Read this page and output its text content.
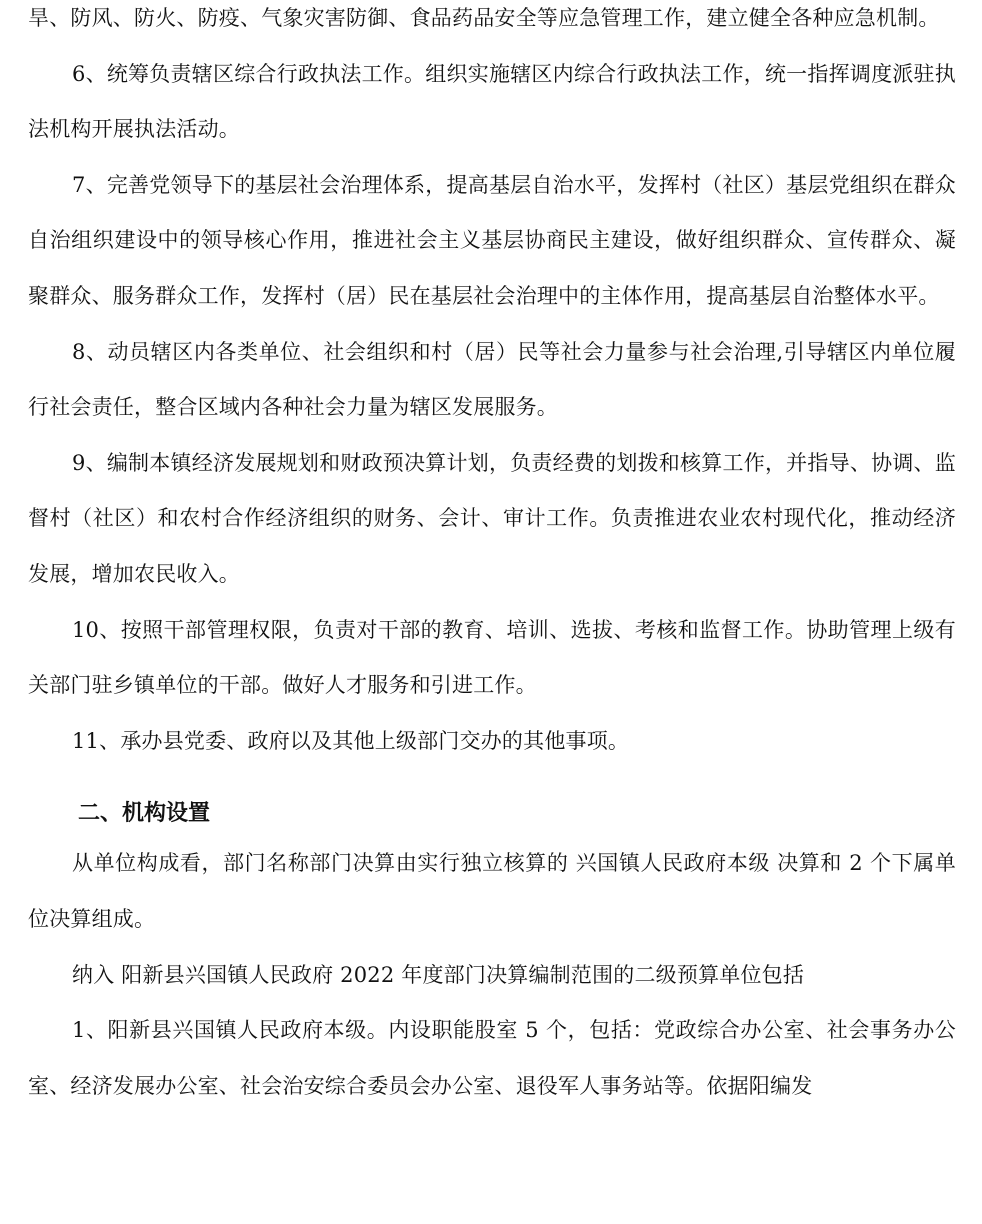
旱、防风、防火、防疫、气象灾害防御、食品药品安全等应急管理工作，建立健全各种应急机制。

6、统筹负责辖区综合行政执法工作。组织实施辖区内综合行政执法工作，统一指挥调度派驻执法机构开展执法活动。

7、完善党领导下的基层社会治理体系，提高基层自治水平，发挥村（社区）基层党组织在群众自治组织建设中的领导核心作用，推进社会主义基层协商民主建设，做好组织群众、宣传群众、凝聚群众、服务群众工作，发挥村（居）民在基层社会治理中的主体作用，提高基层自治整体水平。

8、动员辖区内各类单位、社会组织和村（居）民等社会力量参与社会治理,引导辖区内单位履行社会责任，整合区域内各种社会力量为辖区发展服务。

9、编制本镇经济发展规划和财政预决算计划，负责经费的划拨和核算工作，并指导、协调、监督村（社区）和农村合作经济组织的财务、会计、审计工作。负责推进农业农村现代化，推动经济发展，增加农民收入。

10、按照干部管理权限，负责对干部的教育、培训、选拔、考核和监督工作。协助管理上级有关部门驻乡镇单位的干部。做好人才服务和引进工作。

11、承办县党委、政府以及其他上级部门交办的其他事项。

二、机构设置

从单位构成看，部门名称部门决算由实行独立核算的 兴国镇人民政府本级 决算和 2 个下属单位决算组成。

纳入 阳新县兴国镇人民政府 2022 年度部门决算编制范围的二级预算单位包括

1、阳新县兴国镇人民政府本级。内设职能股室 5 个，包括：党政综合办公室、社会事务办公室、经济发展办公室、社会治安综合委员会办公室、退役军人事务站等。依据阳编发
